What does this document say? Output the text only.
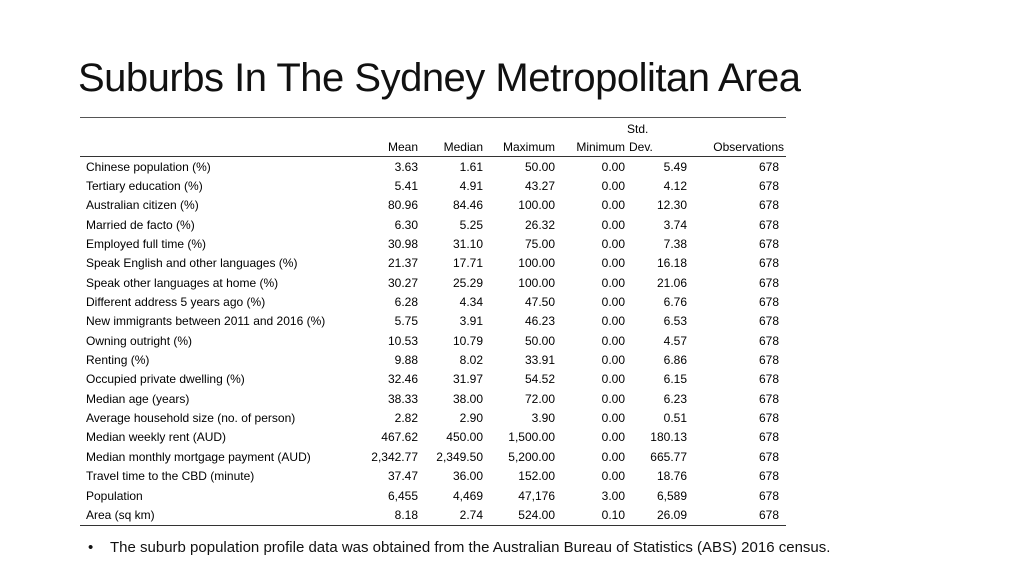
Suburbs In The Sydney Metropolitan Area
					Std.	
	Mean	Median	Maximum	Minimum	Dev.	Observations
Chinese population (%)	3.63	1.61	50.00	0.00	5.49	678
Tertiary education (%)	5.41	4.91	43.27	0.00	4.12	678
Australian citizen (%)	80.96	84.46	100.00	0.00	12.30	678
Married de facto (%)	6.30	5.25	26.32	0.00	3.74	678
Employed full time (%)	30.98	31.10	75.00	0.00	7.38	678
Speak English and other languages (%)	21.37	17.71	100.00	0.00	16.18	678
Speak other languages at home (%)	30.27	25.29	100.00	0.00	21.06	678
Different address 5 years ago (%)	6.28	4.34	47.50	0.00	6.76	678
New immigrants between 2011 and 2016 (%)	5.75	3.91	46.23	0.00	6.53	678
Owning outright (%)	10.53	10.79	50.00	0.00	4.57	678
Renting (%)	9.88	8.02	33.91	0.00	6.86	678
Occupied private dwelling (%)	32.46	31.97	54.52	0.00	6.15	678
Median age (years)	38.33	38.00	72.00	0.00	6.23	678
Average household size (no. of person)	2.82	2.90	3.90	0.00	0.51	678
Median weekly rent (AUD)	467.62	450.00	1,500.00	0.00	180.13	678
Median monthly mortgage payment (AUD)	2,342.77	2,349.50	5,200.00	0.00	665.77	678
Travel time to the CBD (minute)	37.47	36.00	152.00	0.00	18.76	678
Population	6,455	4,469	47,176	3.00	6,589	678
Area (sq km)	8.18	2.74	524.00	0.10	26.09	678

• The suburb population profile data was obtained from the Australian Bureau of Statistics (ABS) 2016 census.
